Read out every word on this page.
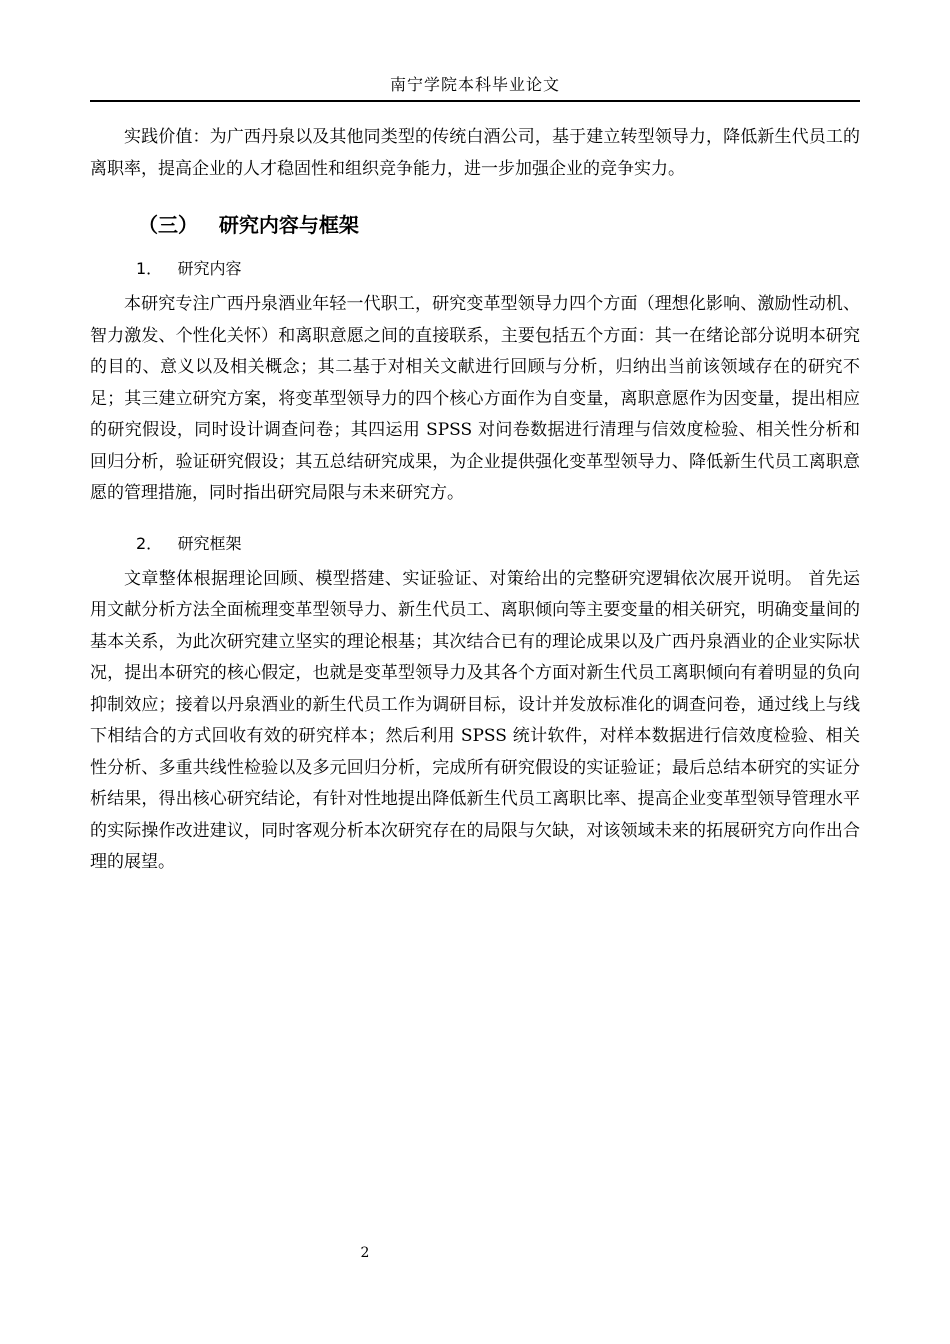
南宁学院本科毕业论文

实践价值：为广西丹泉以及其他同类型的传统白酒公司，基于建立转型领导力，降低新生代员工的离职率，提高企业的人才稳固性和组织竞争能力，进一步加强企业的竞争实力。

（三）   研究内容与框架
1．   研究内容

本研究专注广西丹泉酒业年轻一代职工，研究变革型领导力四个方面（理想化影响、激励性动机、智力激发、个性化关怀）和离职意愿之间的直接联系，主要包括五个方面：其一在绪论部分说明本研究的目的、意义以及相关概念；其二基于对相关文献进行回顾与分析，归纳出当前该领域存在的研究不足；其三建立研究方案，将变革型领导力的四个核心方面作为自变量，离职意愿作为因变量，提出相应的研究假设，同时设计调查问卷；其四运用 SPSS 对问卷数据进行清理与信效度检验、相关性分析和回归分析，验证研究假设；其五总结研究成果，为企业提供强化变革型领导力、降低新生代员工离职意愿的管理措施，同时指出研究局限与未来研究方。

2．   研究框架

文章整体根据理论回顾、模型搭建、实证验证、对策给出的完整研究逻辑依次展开说明。 首先运用文献分析方法全面梳理变革型领导力、新生代员工、离职倾向等主要变量的相关研究，明确变量间的基本关系，为此次研究建立坚实的理论根基；其次结合已有的理论成果以及广西丹泉酒业的企业实际状况，提出本研究的核心假定，也就是变革型领导力及其各个方面对新生代员工离职倾向有着明显的负向抑制效应；接着以丹泉酒业的新生代员工作为调研目标，设计并发放标准化的调查问卷，通过线上与线下相结合的方式回收有效的研究样本；然后利用 SPSS 统计软件，对样本数据进行信效度检验、相关性分析、多重共线性检验以及多元回归分析，完成所有研究假设的实证验证；最后总结本研究的实证分析结果，得出核心研究结论，有针对性地提出降低新生代员工离职比率、提高企业变革型领导管理水平的实际操作改进建议，同时客观分析本次研究存在的局限与欠缺，对该领域未来的拓展研究方向作出合理的展望。

2
